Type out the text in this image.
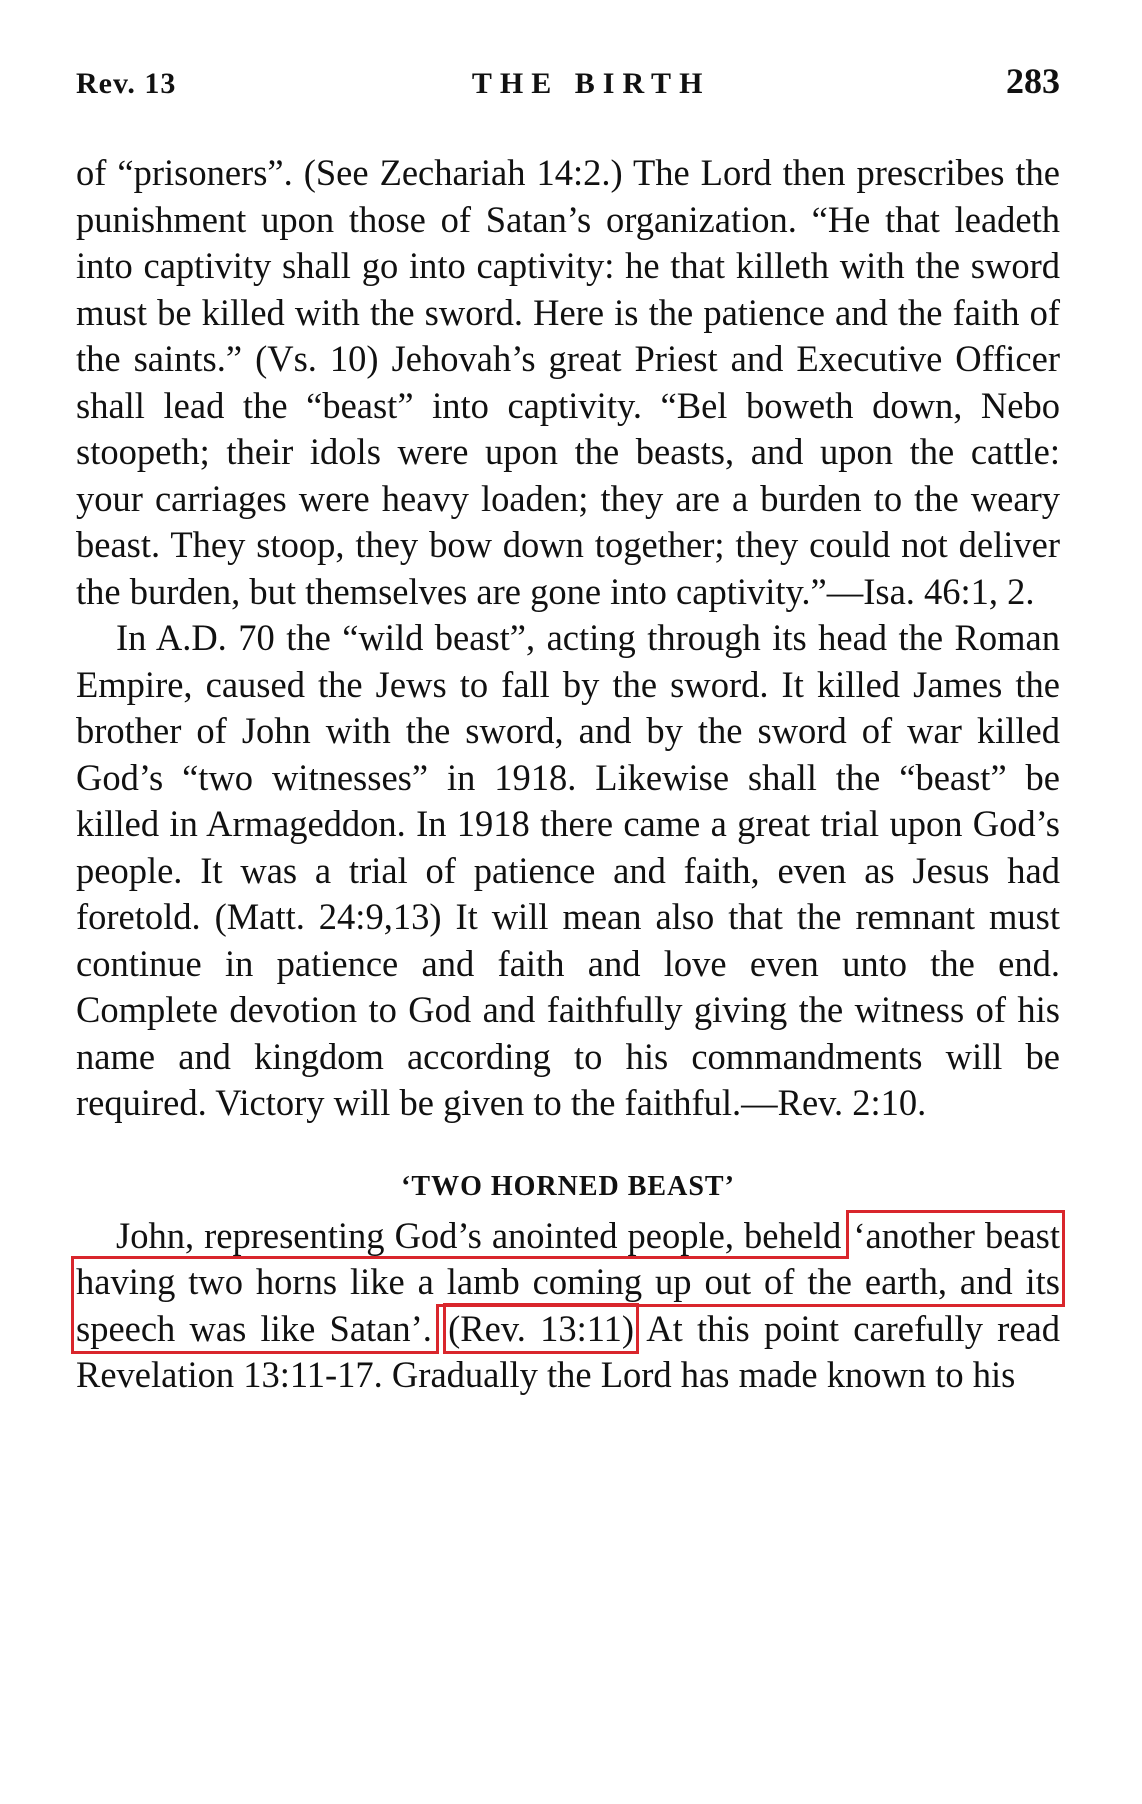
Rev. 13	THE BIRTH	283

of “prisoners”. (See Zechariah 14:2.) The Lord then prescribes the punishment upon those of Satan’s organization. “He that leadeth into captivity shall go into captivity: he that killeth with the sword must be killed with the sword. Here is the patience and the faith of the saints.” (Vs. 10) Jehovah’s great Priest and Executive Officer shall lead the “beast” into captivity. “Bel boweth down, Nebo stoopeth; their idols were upon the beasts, and upon the cattle: your carriages were heavy loaden; they are a burden to the weary beast. They stoop, they bow down together; they could not deliver the burden, but themselves are gone into captivity.”—Isa. 46:1, 2.

In A.D. 70 the “wild beast”, acting through its head the Roman Empire, caused the Jews to fall by the sword. It killed James the brother of John with the sword, and by the sword of war killed God’s “two witnesses” in 1918. Likewise shall the “beast” be killed in Armageddon. In 1918 there came a great trial upon God’s people. It was a trial of patience and faith, even as Jesus had foretold. (Matt. 24:9,13) It will mean also that the remnant must continue in patience and faith and love even unto the end. Complete devotion to God and faithfully giving the witness of his name and kingdom according to his commandments will be required. Victory will be given to the faithful.—Rev. 2:10.

‘TWO HORNED BEAST’

John, representing God’s anointed people, beheld ‘another beast having two horns like a lamb coming up out of the earth, and its speech was like Satan’. (Rev. 13:11) At this point carefully read Revelation 13:11-17. Gradually the Lord has made known to his
